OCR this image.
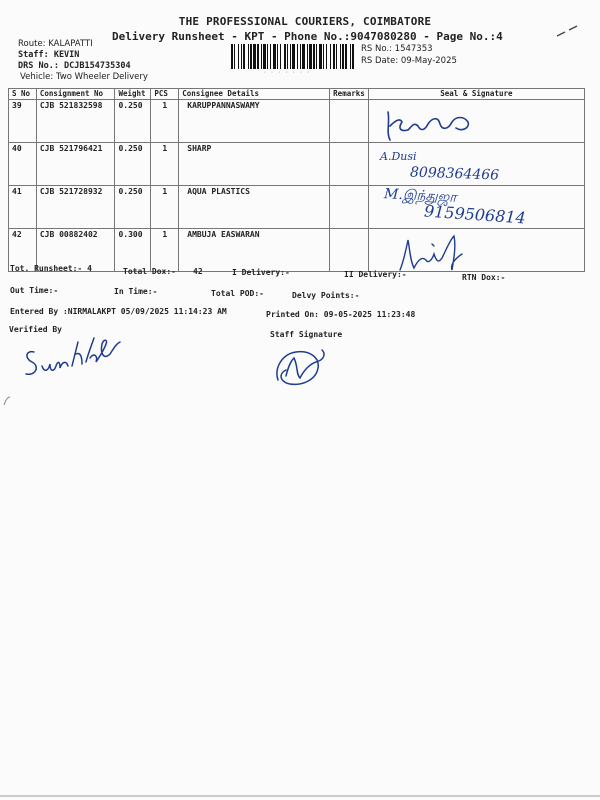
THE PROFESSIONAL COURIERS, COIMBATORE
Delivery Runsheet - KPT - Phone No.:9047080280 - Page No.:4
Route: KALAPATTI
Staff: KEVIN
DRS No.: DCJB154735304
Vehicle: Two Wheeler Delivery	· · · · · · ·
RS No.: 1547353
RS Date: 09-May-2025
S No	Consignment No	Weight	PCS	Consignee Details	Remarks	Seal & Signature
39	CJB 521832598	0.250	1	KARUPPANNASWAMY		
40	CJB 521796421	0.250	1	SHARP		
41	CJB 521728932	0.250	1	AQUA PLASTICS		
42	CJB 00882402	0.300	1	AMBUJA EASWARAN		
A.Dusi
8098364466
M.இந்துஜா
9159506814
Tot. Runsheet:- 4	Total Dox:- 42	I Delivery:-	II Delivery:-	RTN Dox:-
Out Time:-	In Time:-	Total POD:-	Delvy Points:-
Entered By :NIRMALAKPT 05/09/2025 11:14:23 AM	Printed On: 09-05-2025 11:23:48
Verified By
Staff Signature
